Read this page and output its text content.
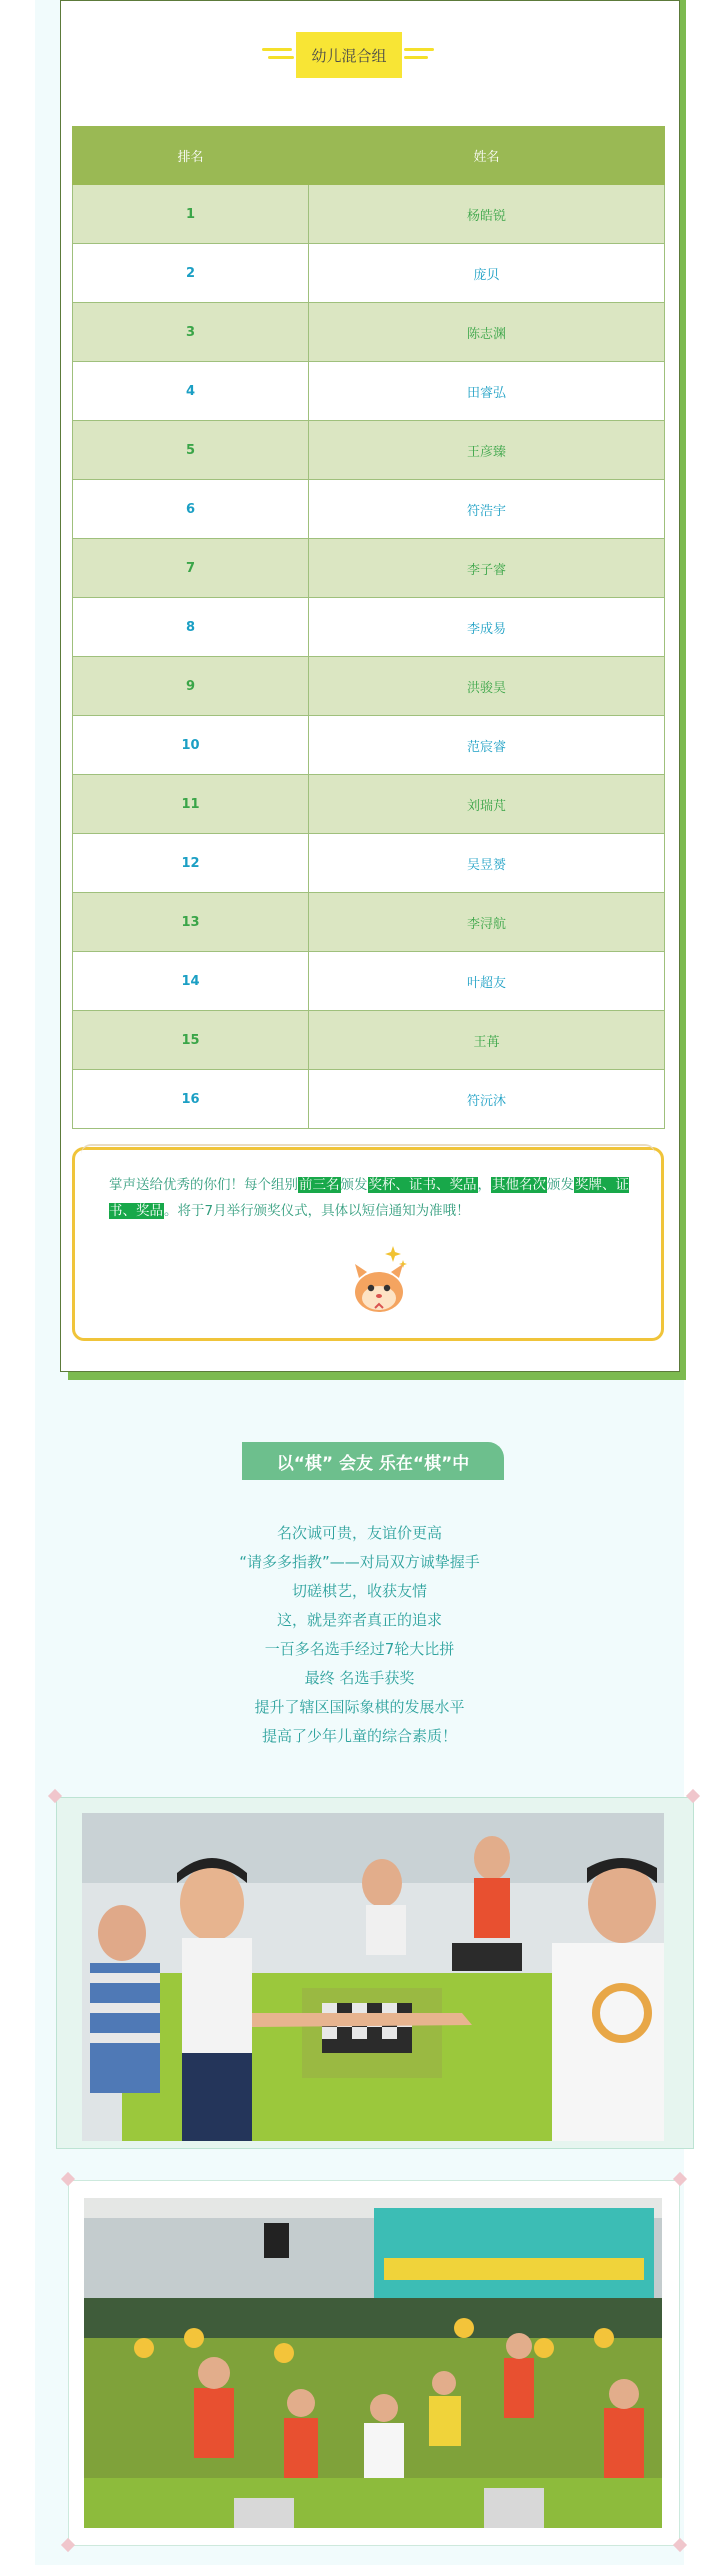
幼儿混合组
排名	姓名
1	杨皓锐
2	庞贝
3	陈志渊
4	田睿弘
5	王彦臻
6	符浩宇
7	李子睿
8	李成易
9	洪骏昊
10	范宸睿
11	刘瑞芃
12	吴昱赟
13	李浔航
14	叶超友
15	王苒
16	符沅沐
掌声送给优秀的你们！每个组别前三名颁发奖杯、证书、奖品，其他名次颁发奖牌、证书、奖品。将于7月举行颁奖仪式，具体以短信通知为准哦！
以“棋” 会友 乐在“棋”中
名次诚可贵，友谊价更高
“请多多指教”——对局双方诚挚握手
切磋棋艺，收获友情
这，就是弈者真正的追求
一百多名选手经过7轮大比拼
最终 名选手获奖
提升了辖区国际象棋的发展水平
提高了少年儿童的综合素质！
